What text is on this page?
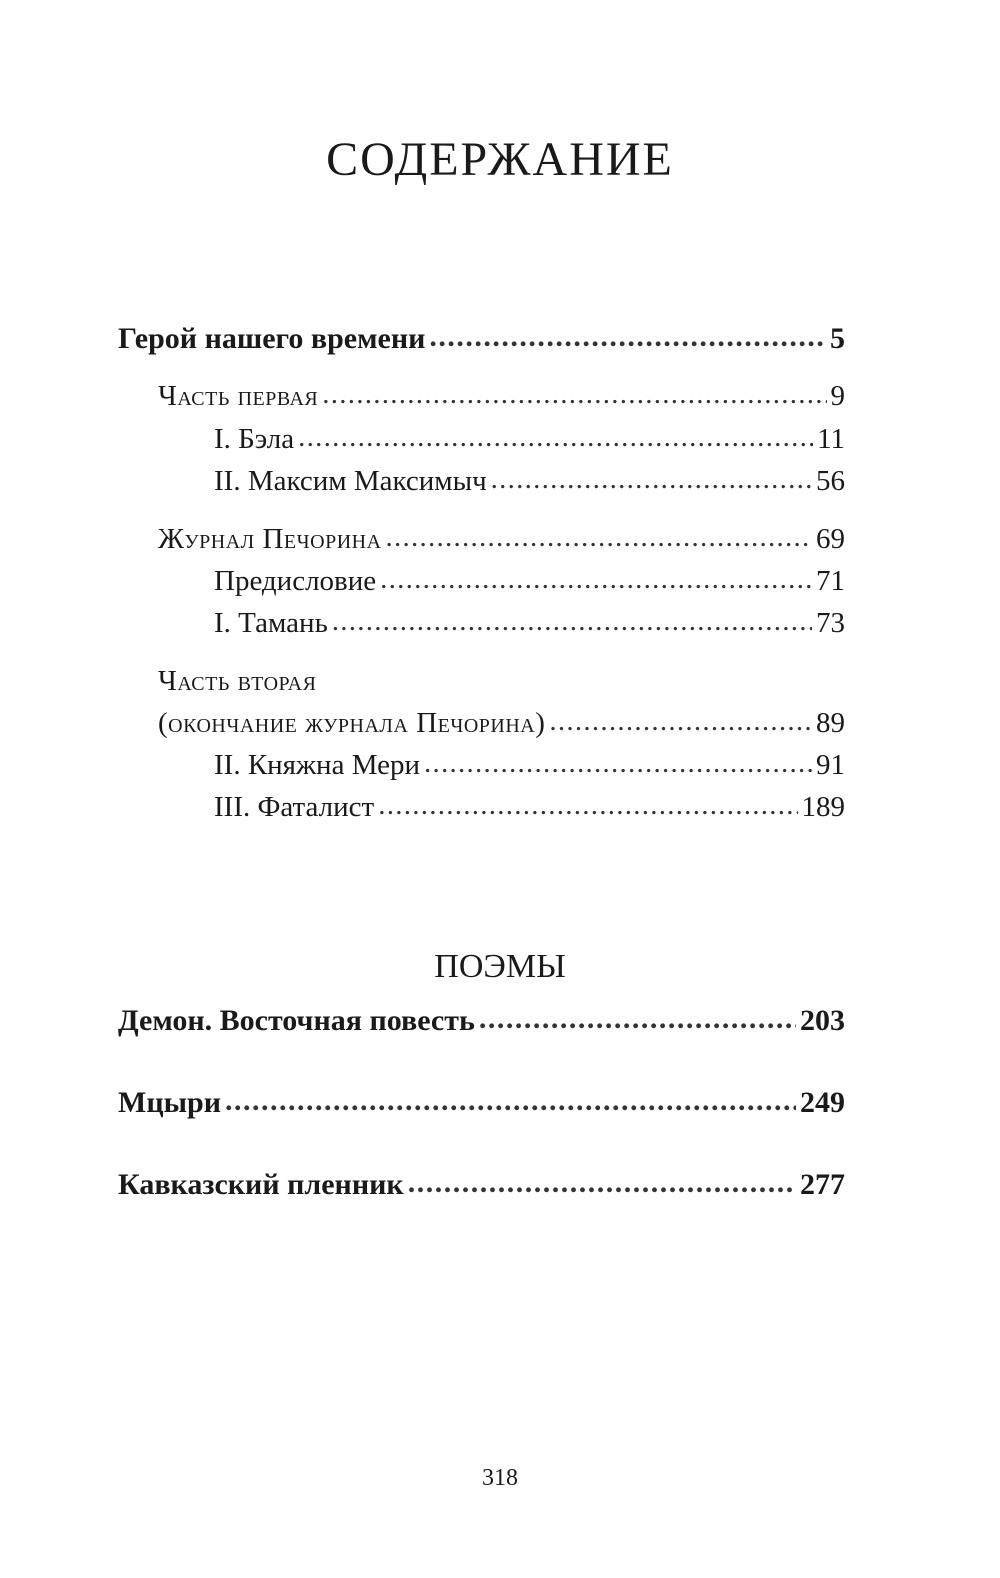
СОДЕРЖАНИЕ
Герой нашего времени . . .	5
Часть первая . . .	9
I. Бэла . . .	11
II. Максим Максимыч . . .	56
Журнал Печорина . . .	69
Предисловие . . .	71
I. Тамань . . .	73
Часть вторая
(окончание журнала Печорина) . . .	89
II. Княжна Мери . . .	91
III. Фаталист . . .	189
ПОЭМЫ
Демон. Восточная повесть . . .	203
Мцыри . . .	249
Кавказский пленник . . .	277
318
